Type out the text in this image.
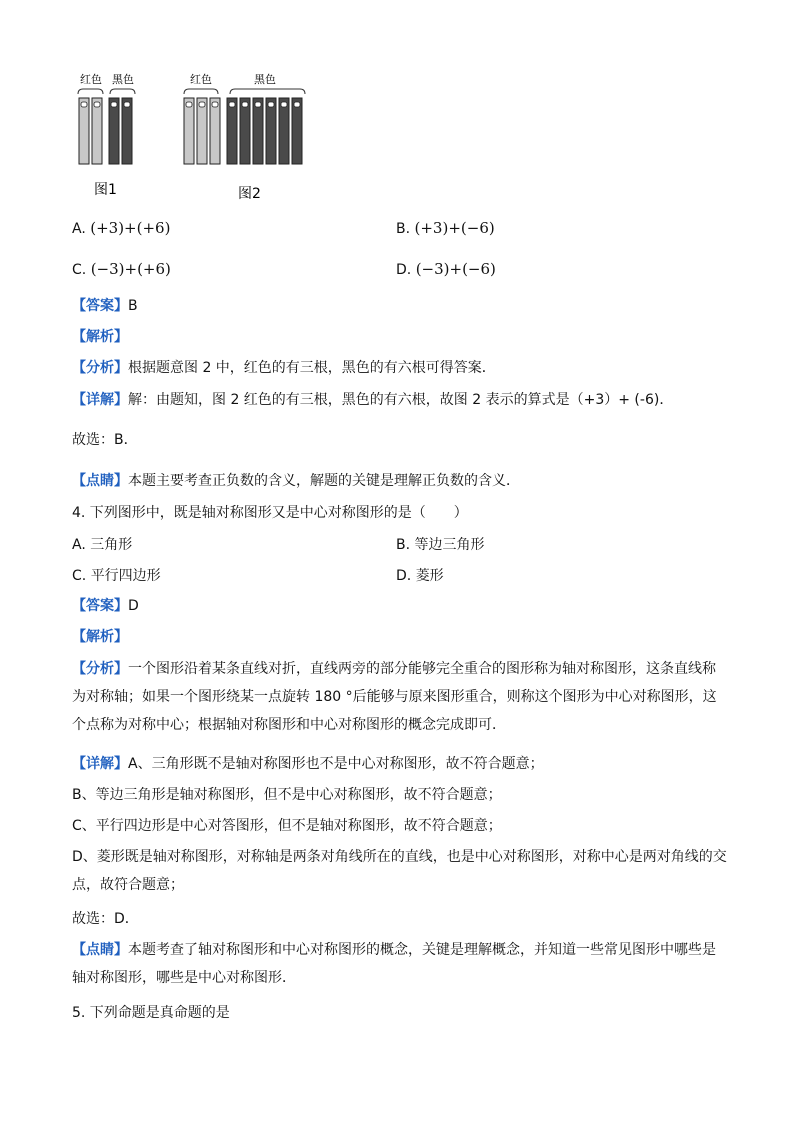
红色 黑色
图1
红色	黑色
图2
A. (+3)+(+6)	B. (+3)+(−6)
C. (−3)+(+6)	D. (−3)+(−6)
【答案】B
【解析】
【分析】根据题意图 2 中，红色的有三根，黑色的有六根可得答案．
【详解】解：由题知，图 2 红色的有三根，黑色的有六根，故图 2 表示的算式是（+3）+ (-6)．
故选：B．
【点睛】本题主要考查正负数的含义，解题的关键是理解正负数的含义．
4. 下列图形中，既是轴对称图形又是中心对称图形的是（　　）
A. 三角形	B. 等边三角形
C. 平行四边形	D. 菱形
【答案】D
【解析】
【分析】一个图形沿着某条直线对折，直线两旁的部分能够完全重合的图形称为轴对称图形，这条直线称为对称轴；如果一个图形绕某一点旋转 180 °后能够与原来图形重合，则称这个图形为中心对称图形，这个点称为对称中心；根据轴对称图形和中心对称图形的概念完成即可．
【详解】A、三角形既不是轴对称图形也不是中心对称图形，故不符合题意；
B、等边三角形是轴对称图形，但不是中心对称图形，故不符合题意；
C、平行四边形是中心对答图形，但不是轴对称图形，故不符合题意；
D、菱形既是轴对称图形，对称轴是两条对角线所在的直线，也是中心对称图形，对称中心是两对角线的交点，故符合题意；
故选：D．
【点睛】本题考查了轴对称图形和中心对称图形的概念，关键是理解概念，并知道一些常见图形中哪些是轴对称图形，哪些是中心对称图形．
5. 下列命题是真命题的是
